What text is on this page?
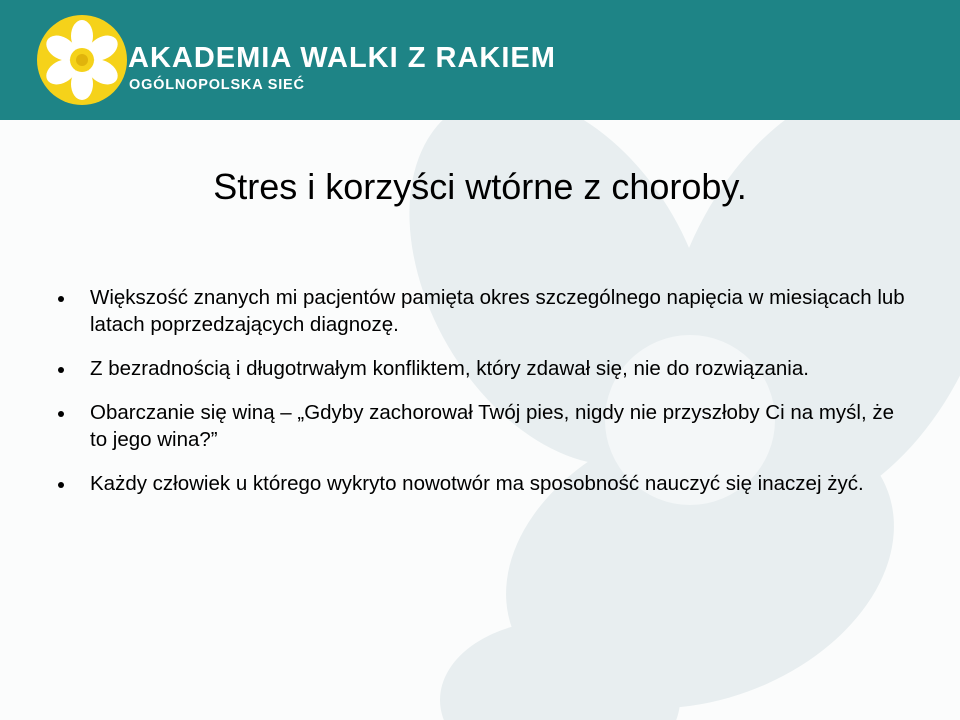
AKADEMIA WALKI Z RAKIEM
OGÓLNOPOLSKA SIEĆ
Stres i korzyści wtórne z choroby.
Większość znanych mi pacjentów pamięta okres szczególnego napięcia w miesiącach lub latach poprzedzających diagnozę.
Z bezradnością i długotrwałym konfliktem, który zdawał się, nie do rozwiązania.
Obarczanie się winą – „Gdyby zachorował Twój pies, nigdy nie przyszłoby Ci na myśl, że to jego wina?”
Każdy człowiek u którego wykryto nowotwór ma sposobność nauczyć się inaczej żyć.
